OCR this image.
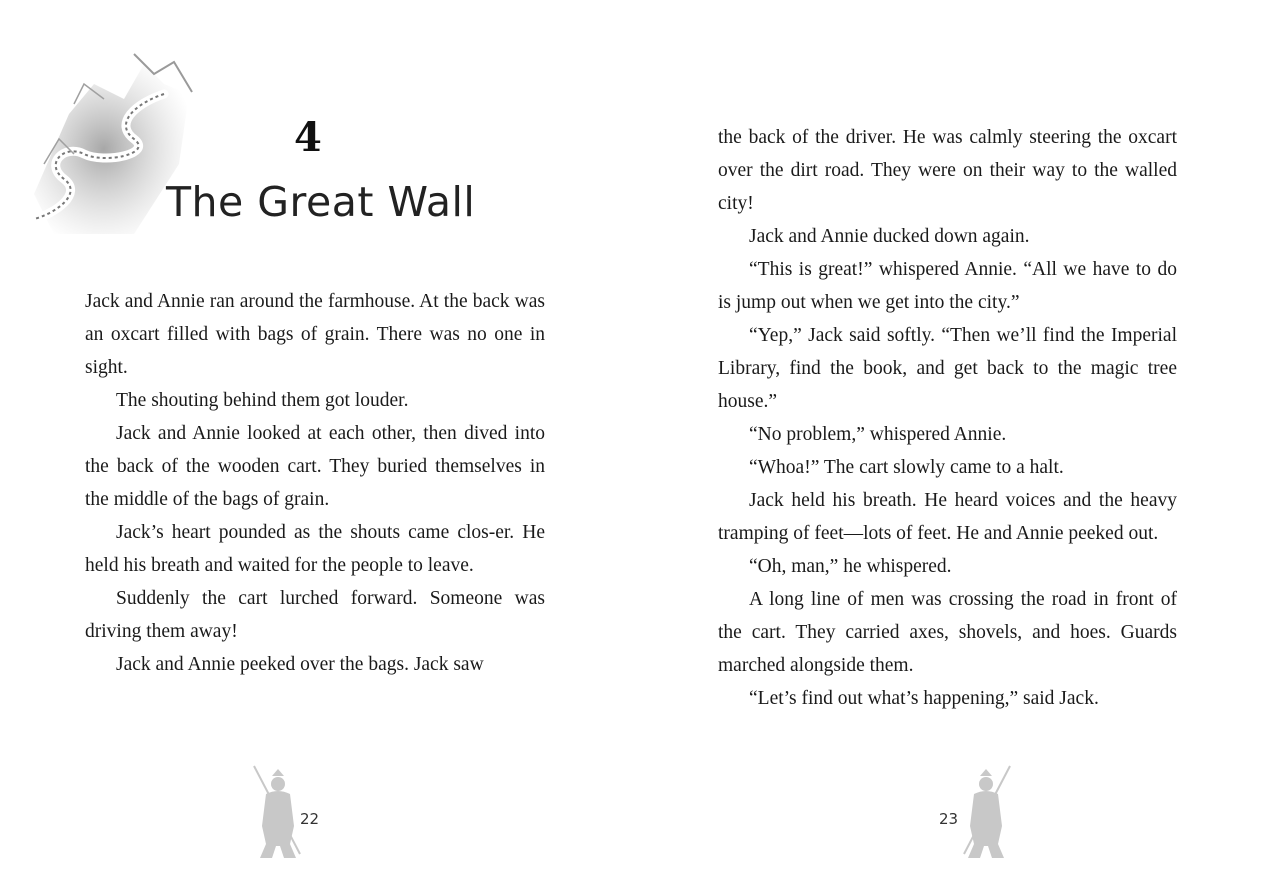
4
The Great Wall

Jack and Annie ran around the farmhouse. At the back was an oxcart filled with bags of grain. There was no one in sight.

The shouting behind them got louder.

Jack and Annie looked at each other, then dived into the back of the wooden cart. They buried themselves in the middle of the bags of grain.

Jack’s heart pounded as the shouts came clos-er. He held his breath and waited for the people to leave.

Suddenly the cart lurched forward. Someone was driving them away!

Jack and Annie peeked over the bags. Jack saw

22

the back of the driver. He was calmly steering the oxcart over the dirt road. They were on their way to the walled city!

Jack and Annie ducked down again.

“This is great!” whispered Annie. “All we have to do is jump out when we get into the city.”

“Yep,” Jack said softly. “Then we’ll find the Imperial Library, find the book, and get back to the magic tree house.”

“No problem,” whispered Annie.

“Whoa!” The cart slowly came to a halt.

Jack held his breath. He heard voices and the heavy tramping of feet—lots of feet. He and Annie peeked out.

“Oh, man,” he whispered.

A long line of men was crossing the road in front of the cart. They carried axes, shovels, and hoes. Guards marched alongside them.

“Let’s find out what’s happening,” said Jack.

23
